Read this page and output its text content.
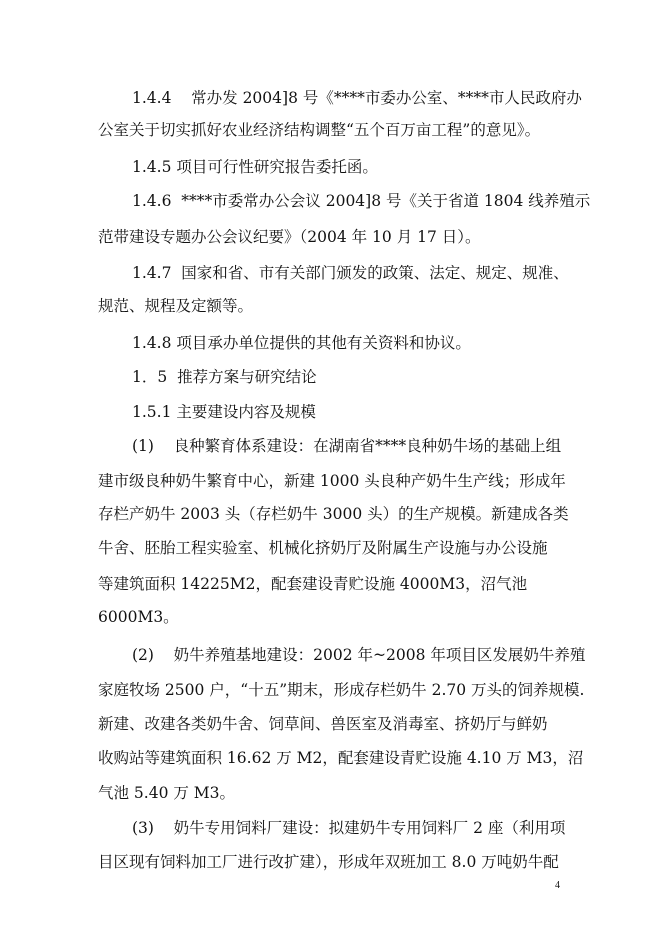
1.4.4    常办发 2004]8 号《****市委办公室、****市人民政府办
公室关于切实抓好农业经济结构调整“五个百万亩工程”的意见》。
1.4.5 项目可行性研究报告委托函。
1.4.6  ****市委常办公会议 2004]8 号《关于省道 1804 线养殖示
范带建设专题办公会议纪要》（2004 年 10 月 17 日）。
1.4.7  国家和省、市有关部门颁发的政策、法定、规定、规准、
规范、规程及定额等。
1.4.8 项目承办单位提供的其他有关资料和协议。
1．5  推荐方案与研究结论
1.5.1 主要建设内容及规模
(1)    良种繁育体系建设：在湖南省****良种奶牛场的基础上组
建市级良种奶牛繁育中心，新建 1000 头良种产奶牛生产线；形成年
存栏产奶牛 2003 头（存栏奶牛 3000 头）的生产规模。新建成各类
牛舍、胚胎工程实验室、机械化挤奶厅及附属生产设施与办公设施
等建筑面积 14225M2，配套建设青贮设施 4000M3，沼气池
6000M3。
(2)    奶牛养殖基地建设：2002 年~2008 年项目区发展奶牛养殖
家庭牧场 2500 户，“十五”期末，形成存栏奶牛 2.70 万头的饲养规模.
新建、改建各类奶牛舍、饲草间、兽医室及消毒室、挤奶厅与鲜奶
收购站等建筑面积 16.62 万 M2，配套建设青贮设施 4.10 万 M3，沼
气池 5.40 万 M3。
(3)    奶牛专用饲料厂建设：拟建奶牛专用饲料厂 2 座（利用项
目区现有饲料加工厂进行改扩建），形成年双班加工 8.0 万吨奶牛配
4
